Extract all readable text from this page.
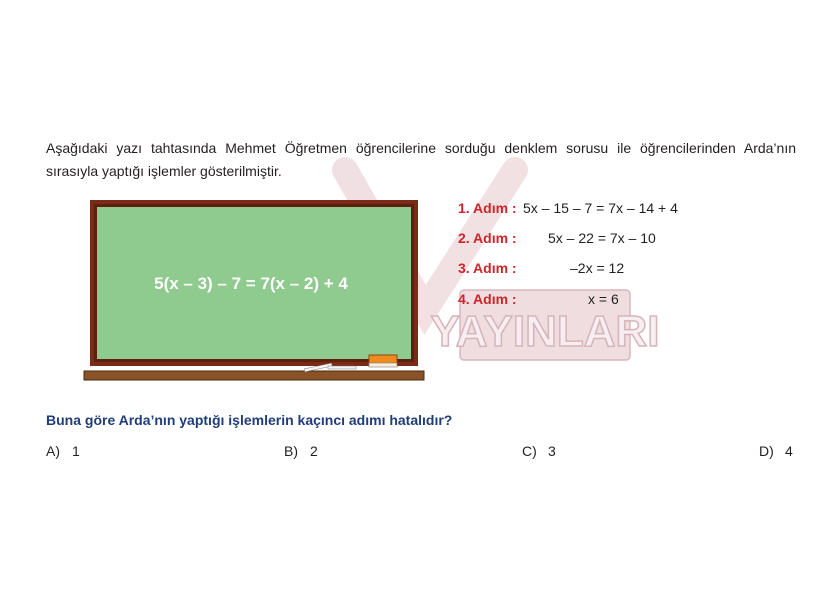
YAYINLARI
Aşağıdaki yazı tahtasında Mehmet Öğretmen öğrencilerine sorduğu denklem sorusu ile öğrencilerinden Arda’nın sırasıyla yaptığı işlemler gösterilmiştir.
5(x – 3) – 7 = 7(x – 2) + 4
1. Adım : 5x – 15 – 7 = 7x – 14 + 4
2. Adım : 5x – 22 = 7x – 10
3. Adım :	–2x = 12
4. Adım :	x = 6
Buna göre Arda’nın yaptığı işlemlerin kaçıncı adımı hatalıdır?
A) 1	B) 2	C) 3	D) 4
